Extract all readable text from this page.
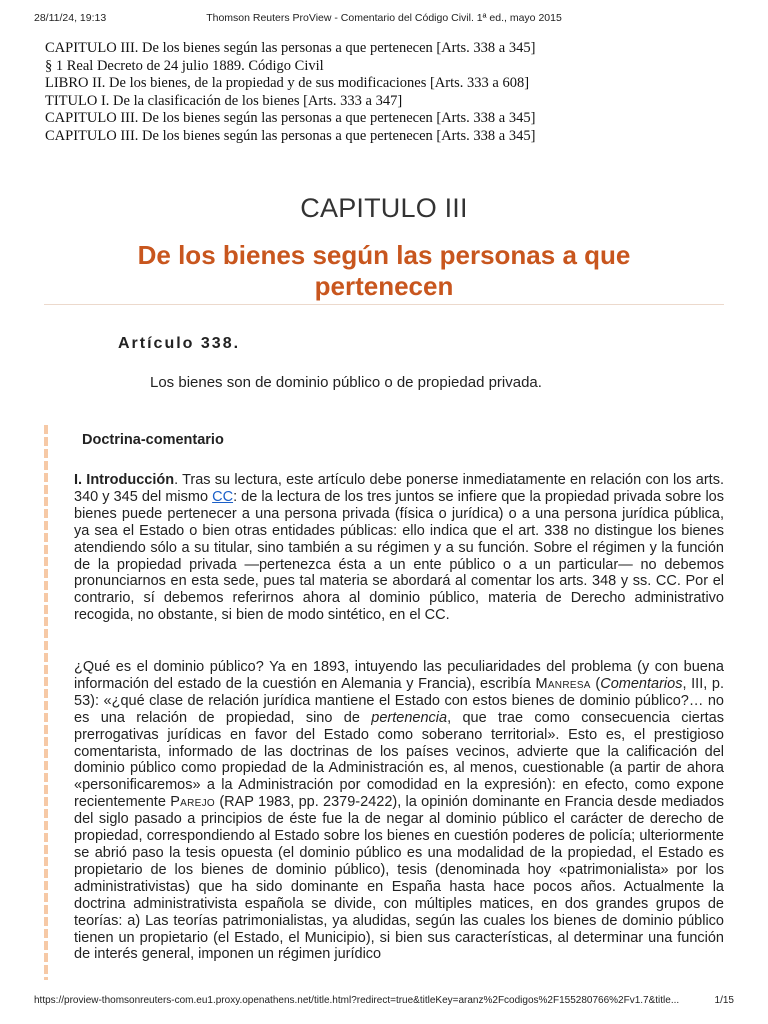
28/11/24, 19:13	Thomson Reuters ProView - Comentario del Código Civil. 1ª ed., mayo 2015
CAPITULO III. De los bienes según las personas a que pertenecen [Arts. 338 a 345]
§ 1 Real Decreto de 24 julio 1889. Código Civil
LIBRO II. De los bienes, de la propiedad y de sus modificaciones [Arts. 333 a 608]
TITULO I. De la clasificación de los bienes [Arts. 333 a 347]
CAPITULO III. De los bienes según las personas a que pertenecen [Arts. 338 a 345]
CAPITULO III. De los bienes según las personas a que pertenecen [Arts. 338 a 345]
CAPITULO III
De los bienes según las personas a que pertenecen
Artículo 338.
Los bienes son de dominio público o de propiedad privada.
Doctrina-comentario

I. Introducción. Tras su lectura, este artículo debe ponerse inmediatamente en relación con los arts. 340 y 345 del mismo CC: de la lectura de los tres juntos se infiere que la propiedad privada sobre los bienes puede pertenecer a una persona privada (física o jurídica) o a una persona jurídica pública, ya sea el Estado o bien otras entidades públicas: ello indica que el art. 338 no distingue los bienes atendiendo sólo a su titular, sino también a su régimen y a su función. Sobre el régimen y la función de la propiedad privada —pertenezca ésta a un ente público o a un particular— no debemos pronunciarnos en esta sede, pues tal materia se abordará al comentar los arts. 348 y ss. CC. Por el contrario, sí debemos referirnos ahora al dominio público, materia de Derecho administrativo recogida, no obstante, si bien de modo sintético, en el CC.

¿Qué es el dominio público? Ya en 1893, intuyendo las peculiaridades del problema (y con buena información del estado de la cuestión en Alemania y Francia), escribía Manresa (Comentarios, III, p. 53): «¿qué clase de relación jurídica mantiene el Estado con estos bienes de dominio público?… no es una relación de propiedad, sino de pertenencia, que trae como consecuencia ciertas prerrogativas jurídicas en favor del Estado como soberano territorial». Esto es, el prestigioso comentarista, informado de las doctrinas de los países vecinos, advierte que la calificación del dominio público como propiedad de la Administración es, al menos, cuestionable (a partir de ahora «personificaremos» a la Administración por comodidad en la expresión): en efecto, como expone recientemente Parejo (RAP 1983, pp. 2379-2422), la opinión dominante en Francia desde mediados del siglo pasado a principios de éste fue la de negar al dominio público el carácter de derecho de propiedad, correspondiendo al Estado sobre los bienes en cuestión poderes de policía; ulteriormente se abrió paso la tesis opuesta (el dominio público es una modalidad de la propiedad, el Estado es propietario de los bienes de dominio público), tesis (denominada hoy «patrimonialista» por los administrativistas) que ha sido dominante en España hasta hace pocos años. Actualmente la doctrina administrativista española se divide, con múltiples matices, en dos grandes grupos de teorías: a) Las teorías patrimonialistas, ya aludidas, según las cuales los bienes de dominio público tienen un propietario (el Estado, el Municipio), si bien sus características, al determinar una función de interés general, imponen un régimen jurídico

https://proview-thomsonreuters-com.eu1.proxy.openathens.net/title.html?redirect=true&titleKey=aranz%2Fcodigos%2F155280766%2Fv1.7&title...	1/15
